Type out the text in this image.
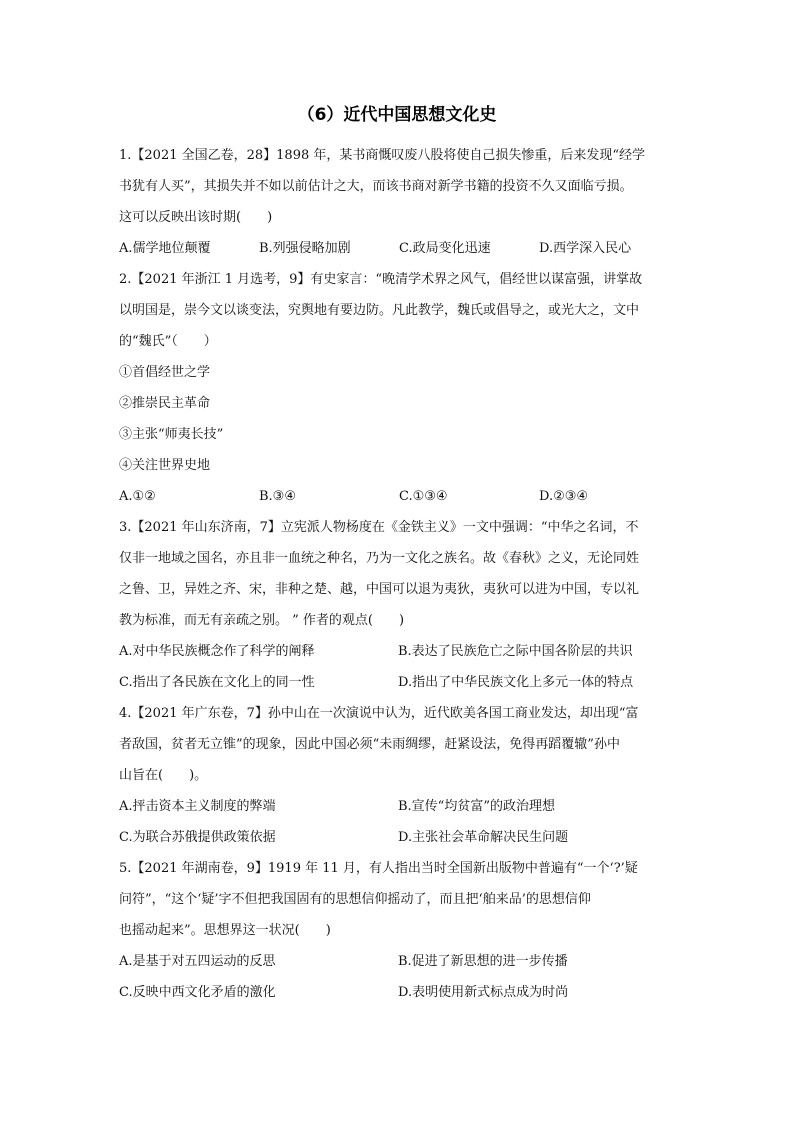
（6）近代中国思想文化史
1.【2021 全国乙卷，28】1898 年，某书商慨叹废八股将使自己损失惨重，后来发现“经学
书犹有人买”，其损失并不如以前估计之大，而该书商对新学书籍的投资不久又面临亏损。
这可以反映出该时期(　　)
A.儒学地位颠覆	B.列强侵略加剧	C.政局变化迅速	D.西学深入民心
2.【2021 年浙江 1 月选考，9】有史家言：“晚清学术界之风气，倡经世以谋富强，讲掌故
以明国是，崇今文以谈变法，究舆地有要边防。凡此教学，魏氏或倡导之，或光大之，文中
的“魏氏”（　　）
①首倡经世之学
②推崇民主革命
③主张“师夷长技”
④关注世界史地
A.①②	B.③④	C.①③④	D.②③④
3.【2021 年山东济南，7】立宪派人物杨度在《金铁主义》一文中强调：“中华之名词，不
仅非一地域之国名，亦且非一血统之种名，乃为一文化之族名。故《春秋》之义，无论同姓
之鲁、卫，异姓之齐、宋，非种之楚、越，中国可以退为夷狄，夷狄可以进为中国，专以礼
教为标准，而无有亲疏之别。 ” 作者的观点(　　)
A.对中华民族概念作了科学的阐释	B.表达了民族危亡之际中国各阶层的共识
C.指出了各民族在文化上的同一性	D.指出了中华民族文化上多元一体的特点
4.【2021 年广东卷，7】孙中山在一次演说中认为，近代欧美各国工商业发达，却出现“富
者敌国，贫者无立锥”的现象，因此中国必须“未雨绸缪，赶紧设法，免得再蹈覆辙”孙中
山旨在(　　)。
A.抨击资本主义制度的弊端	B.宣传“均贫富”的政治理想
C.为联合苏俄提供政策依据	D.主张社会革命解决民生问题
5.【2021 年湖南卷，9】1919 年 11 月，有人指出当时全国新出版物中普遍有“一个‘?’疑
问符”，“这个‘疑’字不但把我国固有的思想信仰摇动了，而且把‘舶来品’的思想信仰
也摇动起来”。思想界这一状况(　　)
A.是基于对五四运动的反思	B.促进了新思想的进一步传播
C.反映中西文化矛盾的激化	D.表明使用新式标点成为时尚
